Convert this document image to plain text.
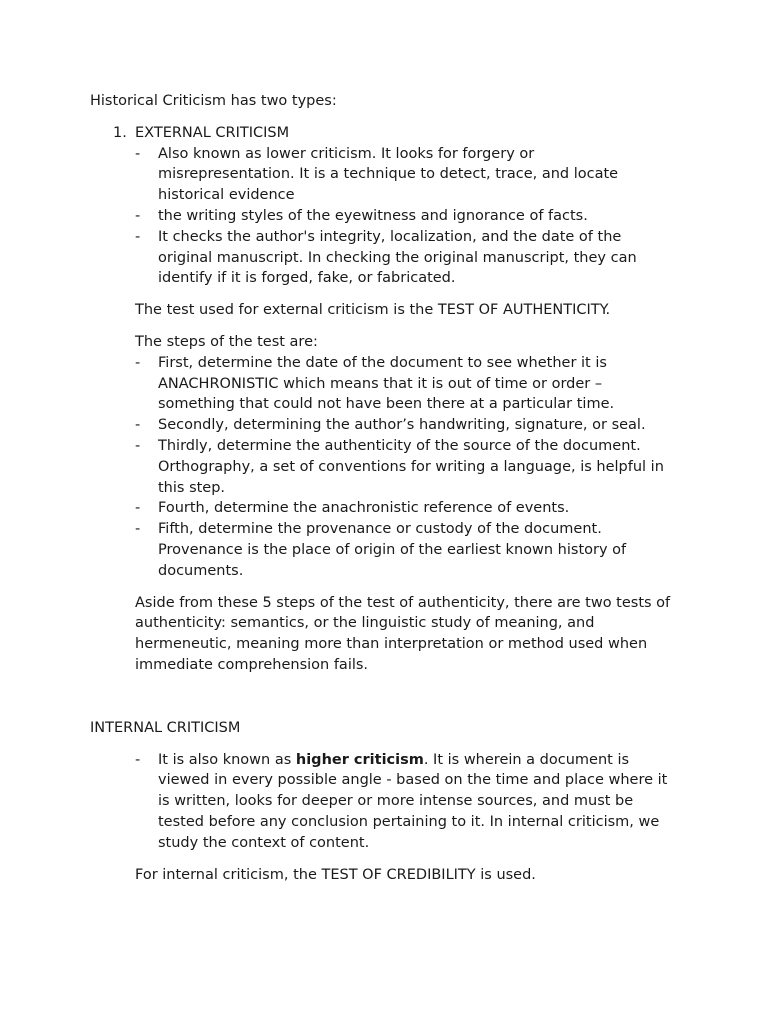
Historical Criticism has two types:

1. EXTERNAL CRITICISM
- Also known as lower criticism. It looks for forgery or misrepresentation. It is a technique to detect, trace, and locate historical evidence
- the writing styles of the eyewitness and ignorance of facts.
- It checks the author's integrity, localization, and the date of the original manuscript. In checking the original manuscript, they can identify if it is forged, fake, or fabricated.

The test used for external criticism is the TEST OF AUTHENTICITY.

The steps of the test are:

- First, determine the date of the document to see whether it is ANACHRONISTIC which means that it is out of time or order – something that could not have been there at a particular time.
- Secondly, determining the author’s handwriting, signature, or seal.
- Thirdly, determine the authenticity of the source of the document. Orthography, a set of conventions for writing a language, is helpful in this step.
- Fourth, determine the anachronistic reference of events.
- Fifth, determine the provenance or custody of the document. Provenance is the place of origin of the earliest known history of documents.

Aside from these 5 steps of the test of authenticity, there are two tests of authenticity: semantics, or the linguistic study of meaning, and hermeneutic, meaning more than interpretation or method used when immediate comprehension fails.

INTERNAL CRITICISM

- It is also known as higher criticism. It is wherein a document is viewed in every possible angle - based on the time and place where it is written, looks for deeper or more intense sources, and must be tested before any conclusion pertaining to it. In internal criticism, we study the context of content.

For internal criticism, the TEST OF CREDIBILITY is used.
